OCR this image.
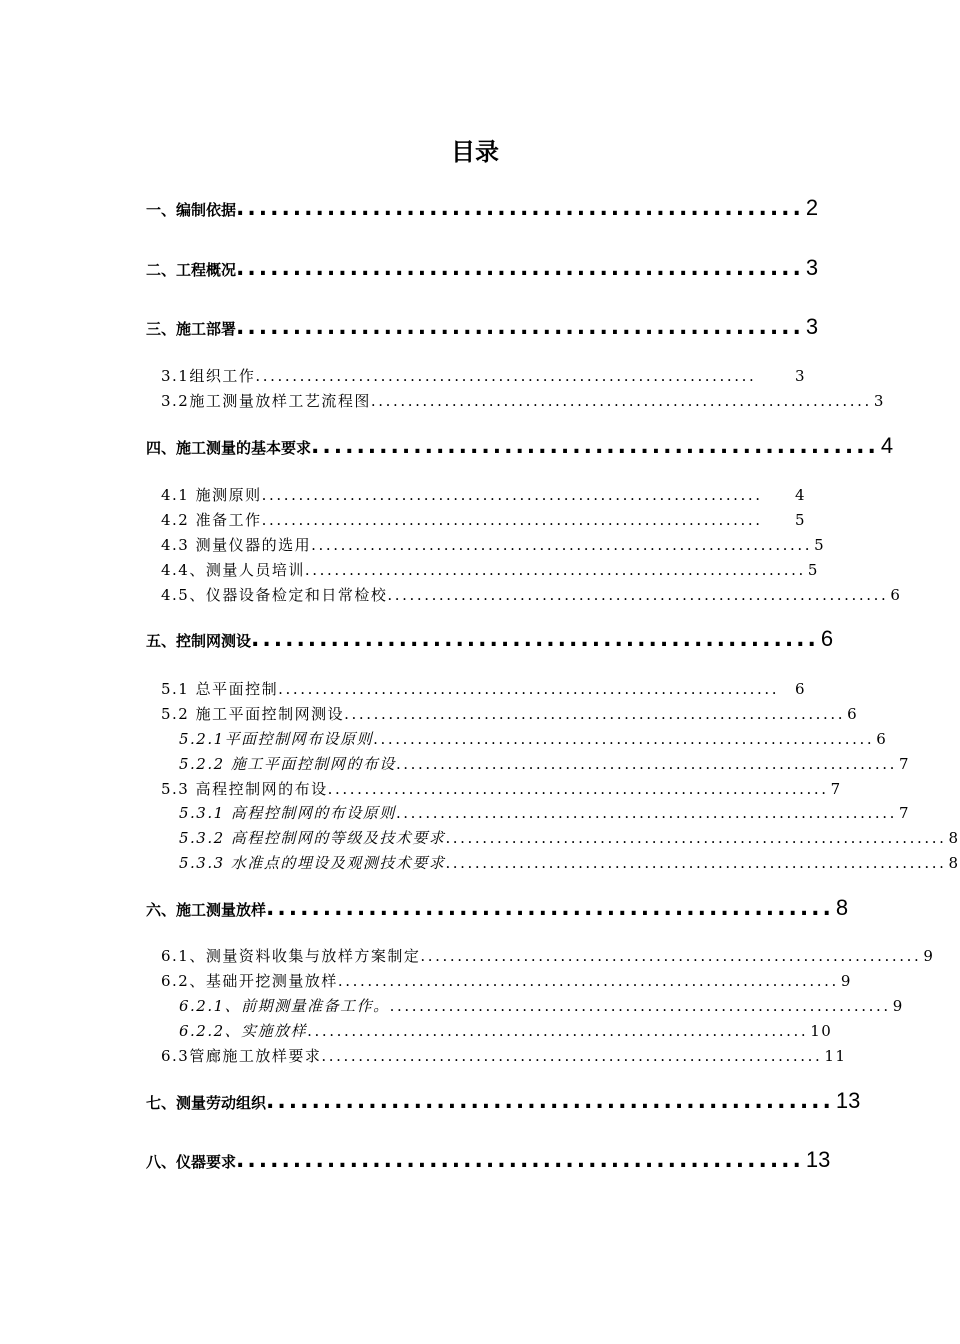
目录
一、编制依据 .................................................. 2
二、工程概况 .................................................. 3
三、施工部署 .................................................. 3
3.1组织工作 ....................................................................	3
3.2施工测量放样工艺流程图 .................................................................... 3
四、施工测量的基本要求 .................................................. 4
4.1 施测原则 ....................................................................	4
4.2 准备工作 ....................................................................	5
4.3 测量仪器的选用 .................................................................... 5
4.4、测量人员培训 .................................................................... 5
4.5、仪器设备检定和日常检校 .................................................................... 6
五、控制网测设 .................................................. 6
5.1 总平面控制 ....................................................................	6
5.2 施工平面控制网测设 .................................................................... 6
5.2.1平面控制网布设原则 .................................................................... 6
5.2.2 施工平面控制网的布设 .................................................................... 7
5.3 高程控制网的布设 .................................................................... 7
5.3.1 高程控制网的布设原则 .................................................................... 7
5.3.2 高程控制网的等级及技术要求 .................................................................... 8
5.3.3 水准点的埋设及观测技术要求 .................................................................... 8
六、施工测量放样 .................................................. 8
6.1、测量资料收集与放样方案制定 .................................................................... 9
6.2、基础开挖测量放样 .................................................................... 9
6.2.1、前期测量准备工作。 .................................................................... 9
6.2.2、实施放样 .................................................................... 10
6.3管廊施工放样要求 .................................................................... 11
七、测量劳动组织 .................................................. 13
八、仪器要求 .................................................. 13
